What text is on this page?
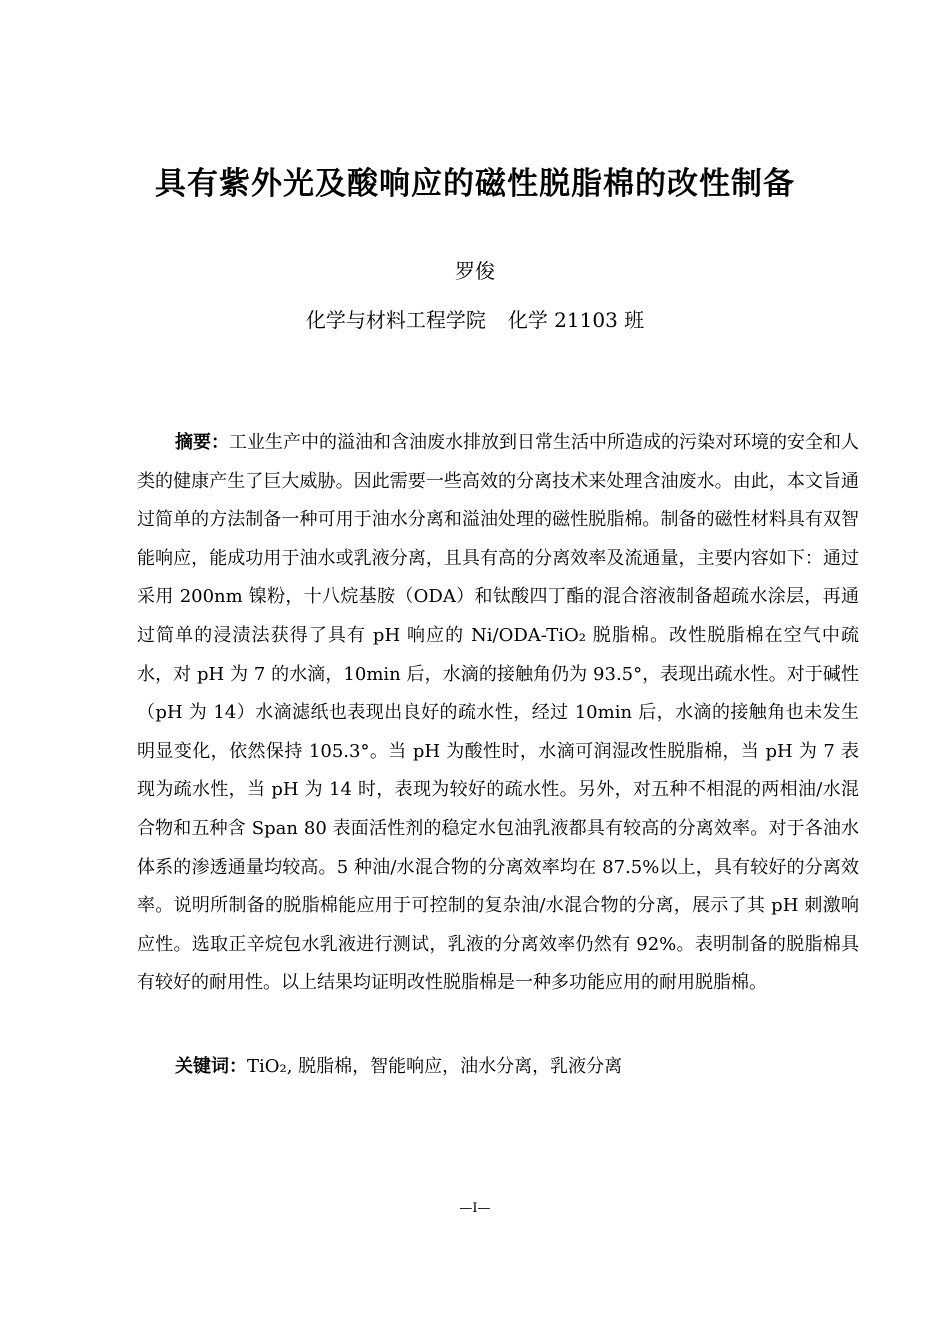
具有紫外光及酸响应的磁性脱脂棉的改性制备
罗俊
化学与材料工程学院 化学 21103 班
摘要：工业生产中的溢油和含油废水排放到日常生活中所造成的污染对环境的安全和人类的健康产生了巨大威胁。因此需要一些高效的分离技术来处理含油废水。由此，本文旨通过简单的方法制备一种可用于油水分离和溢油处理的磁性脱脂棉。制备的磁性材料具有双智能响应，能成功用于油水或乳液分离，且具有高的分离效率及流通量，主要内容如下：通过采用 200nm 镍粉，十八烷基胺（ODA）和钛酸四丁酯的混合溶液制备超疏水涂层，再通过简单的浸渍法获得了具有 pH 响应的 Ni/ODA-TiO₂ 脱脂棉。改性脱脂棉在空气中疏水，对 pH 为 7 的水滴，10min 后，水滴的接触角仍为 93.5°，表现出疏水性。对于碱性（pH 为 14）水滴滤纸也表现出良好的疏水性，经过 10min 后，水滴的接触角也未发生明显变化，依然保持 105.3°。当 pH 为酸性时，水滴可润湿改性脱脂棉，当 pH 为 7 表现为疏水性，当 pH 为 14 时，表现为较好的疏水性。另外，对五种不相混的两相油/水混合物和五种含 Span 80 表面活性剂的稳定水包油乳液都具有较高的分离效率。对于各油水体系的渗透通量均较高。5 种油/水混合物的分离效率均在 87.5%以上，具有较好的分离效率。说明所制备的脱脂棉能应用于可控制的复杂油/水混合物的分离，展示了其 pH 刺激响应性。选取正辛烷包水乳液进行测试，乳液的分离效率仍然有 92%。表明制备的脱脂棉具有较好的耐用性。以上结果均证明改性脱脂棉是一种多功能应用的耐用脱脂棉。
关键词：TiO₂, 脱脂棉，智能响应，油水分离，乳液分离
—I—
